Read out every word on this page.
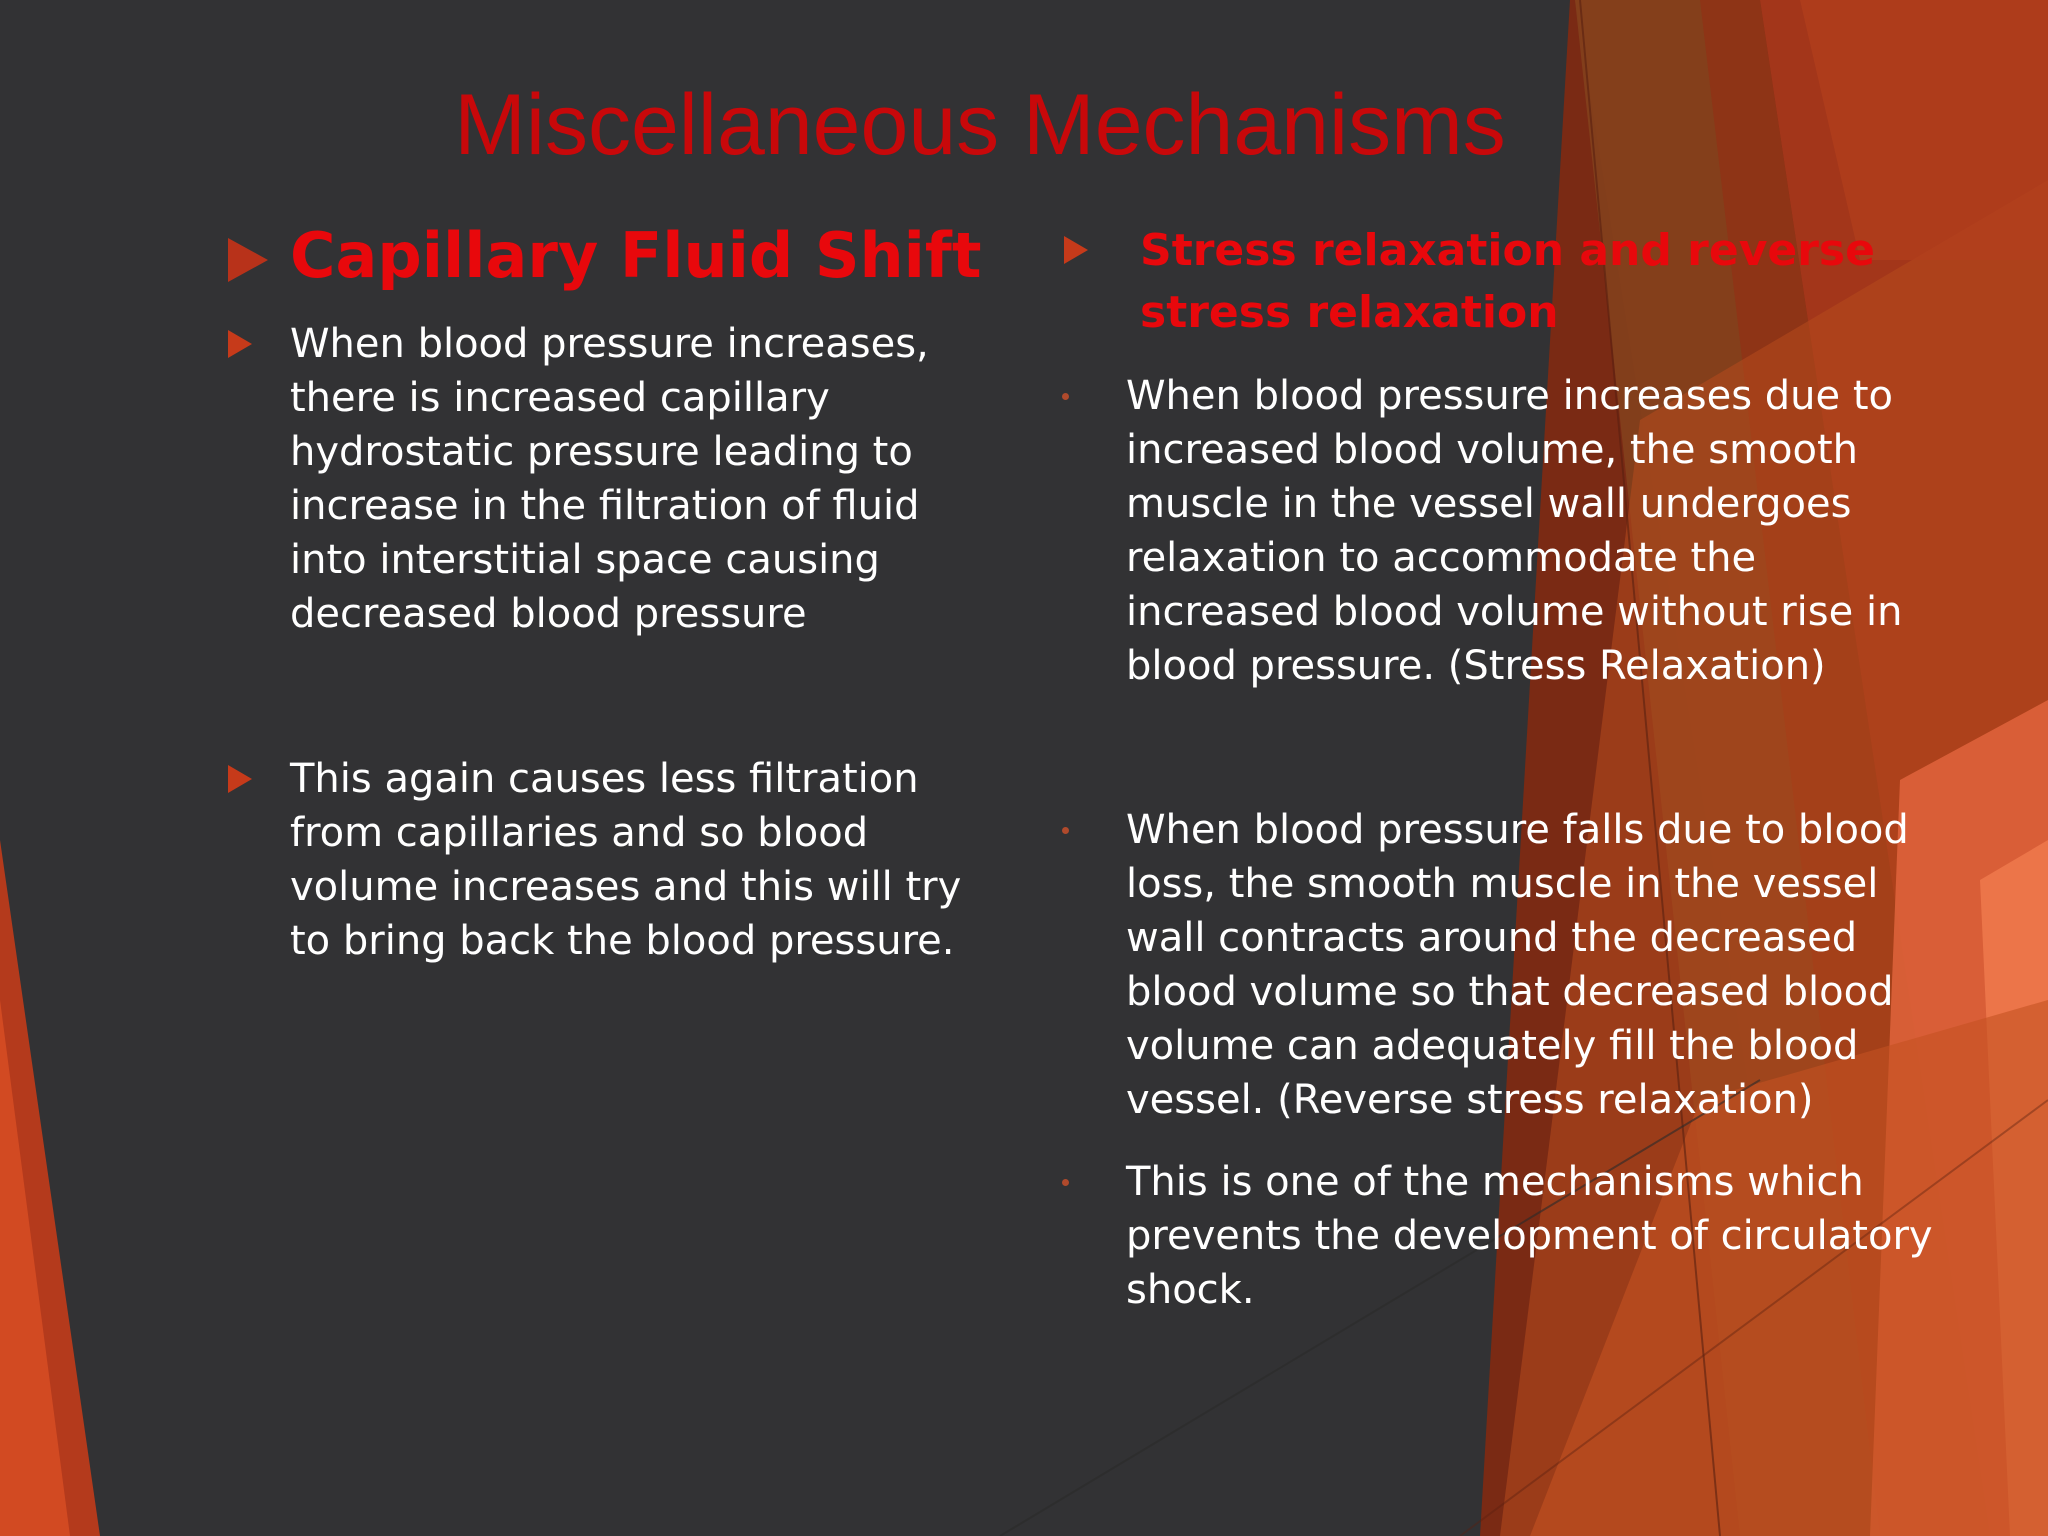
Miscellaneous Mechanisms
Capillary Fluid Shift

When blood pressure increases, there is increased capillary hydrostatic pressure leading to increase in the filtration of fluid into interstitial space causing decreased blood pressure

This again causes less filtration from capillaries and so blood volume increases and this will try to bring back the blood pressure.

Stress relaxation and reverse stress relaxation

When blood pressure increases due to increased blood volume, the smooth muscle in the vessel wall undergoes relaxation to accommodate the increased blood volume without rise in blood pressure. (Stress Relaxation)

When blood pressure falls due to blood loss, the smooth muscle in the vessel wall contracts around the decreased blood volume so that decreased blood volume can adequately fill the blood vessel. (Reverse stress relaxation)

This is one of the mechanisms which prevents the development of circulatory shock.
